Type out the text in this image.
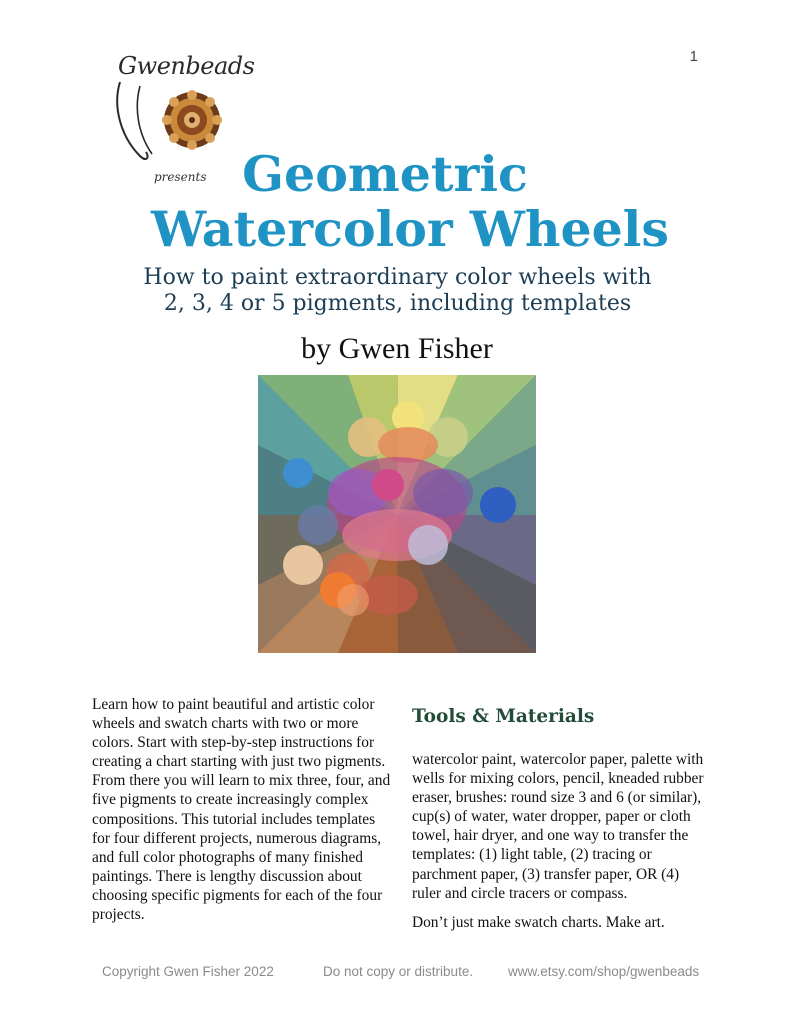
1
Gwenbeads
presents Geometric
Watercolor Wheels

How to paint extraordinary color wheels with
2, 3, 4 or 5 pigments, including templates

by Gwen Fisher

Learn how to paint beautiful and artistic color wheels and swatch charts with two or more colors. Start with step-by-step instructions for creating a chart starting with just two pigments. From there you will learn to mix three, four, and five pigments to create increasingly complex compositions. This tutorial includes templates for four different projects, numerous diagrams, and full color photographs of many finished paintings. There is lengthy discussion about choosing specific pigments for each of the four projects.

Tools & Materials

watercolor paint, watercolor paper, palette with wells for mixing colors, pencil, kneaded rubber eraser, brushes: round size 3 and 6 (or similar), cup(s) of water, water dropper, paper or cloth towel, hair dryer, and one way to transfer the templates: (1) light table, (2) tracing or parchment paper, (3) transfer paper, OR (4) ruler and circle tracers or compass.

Don’t just make swatch charts. Make art.

Copyright Gwen Fisher 2022	Do not copy or distribute.	www.etsy.com/shop/gwenbeads
